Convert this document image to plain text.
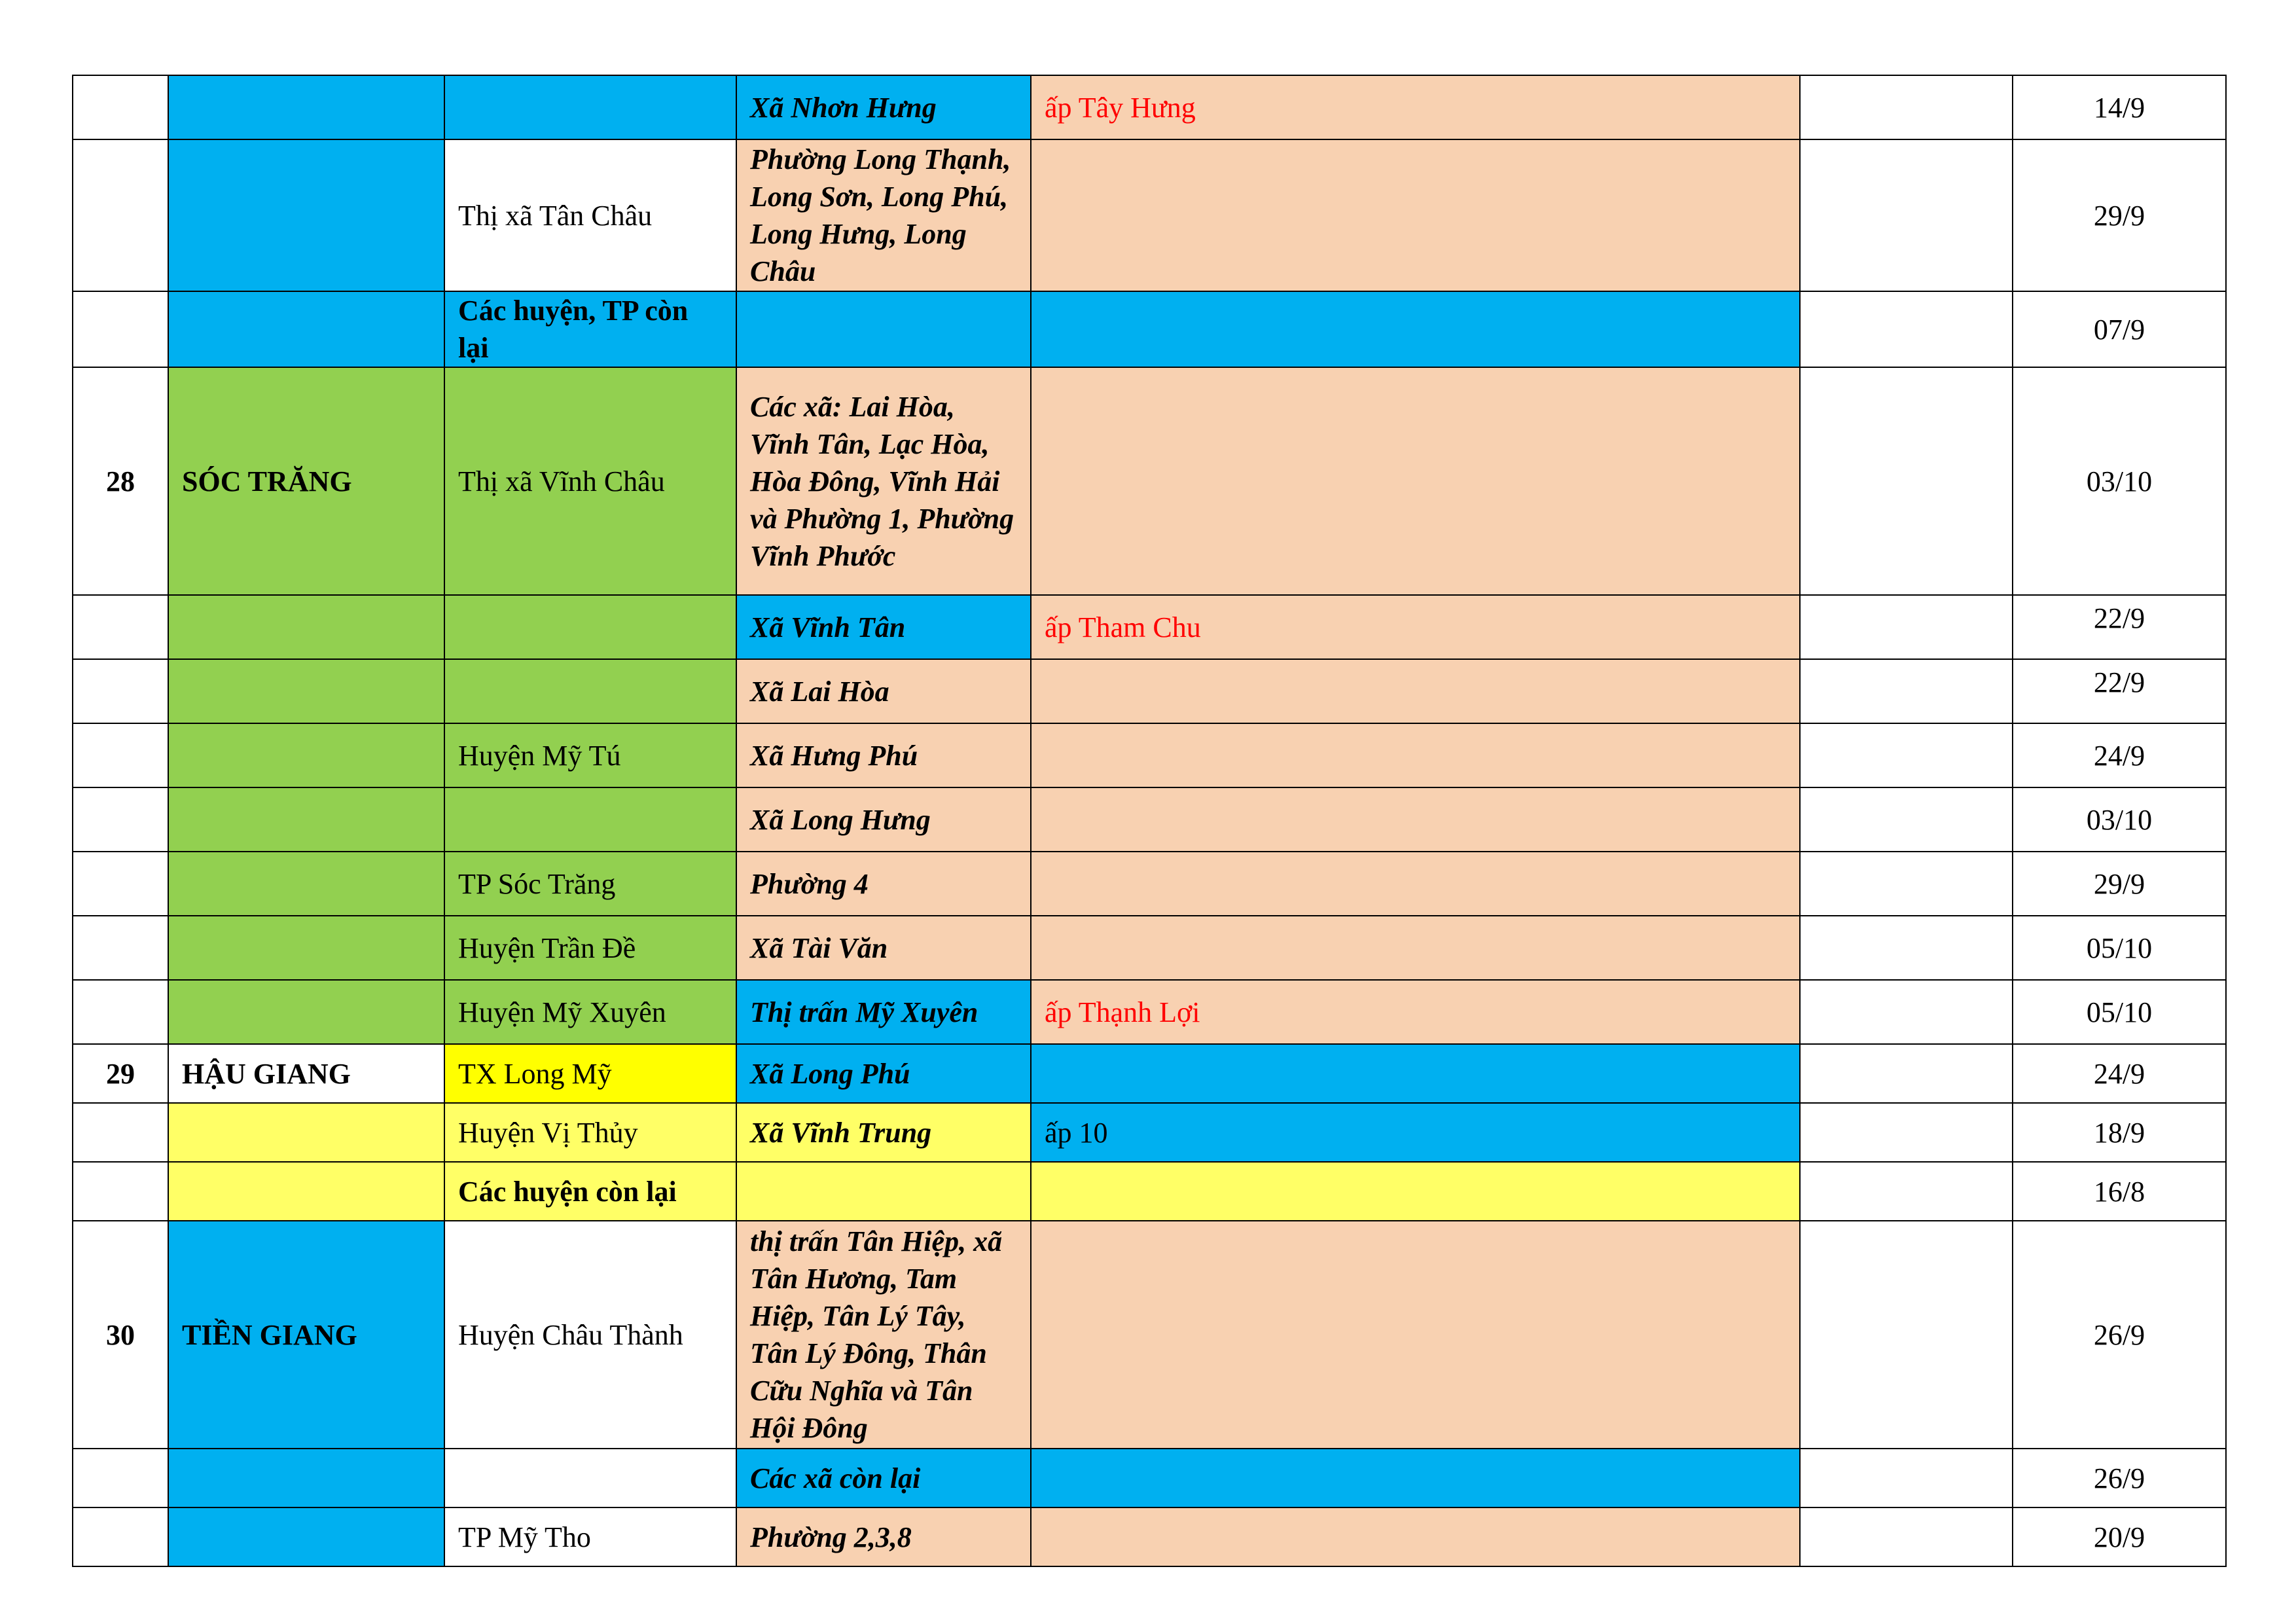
			Xã Nhơn Hưng	ấp Tây Hưng		14/9
		Thị xã Tân Châu	Phường Long Thạnh, Long Sơn, Long Phú, Long Hưng, Long Châu			29/9
		Các huyện, TP còn lại				07/9
28	SÓC TRĂNG	Thị xã Vĩnh Châu	Các xã: Lai Hòa, Vĩnh Tân, Lạc Hòa, Hòa Đông, Vĩnh Hải và Phường 1, Phường Vĩnh Phước			03/10
			Xã Vĩnh Tân	ấp Tham Chu		22/9
			Xã Lai Hòa			22/9
		Huyện Mỹ Tú	Xã Hưng Phú			24/9
			Xã Long Hưng			03/10
		TP Sóc Trăng	Phường 4			29/9
		Huyện Trần Đề	Xã Tài Văn			05/10
		Huyện Mỹ Xuyên	Thị trấn Mỹ Xuyên	ấp Thạnh Lợi		05/10
29	HẬU GIANG	TX Long Mỹ	Xã Long Phú			24/9
		Huyện Vị Thủy	Xã Vĩnh Trung	ấp 10		18/9
		Các huyện còn lại				16/8
30	TIỀN GIANG	Huyện Châu Thành	thị trấn Tân Hiệp, xã Tân Hương, Tam Hiệp, Tân Lý Tây, Tân Lý Đông, Thân Cữu Nghĩa và Tân Hội Đông			26/9
			Các xã còn lại			26/9
		TP Mỹ Tho	Phường 2,3,8			20/9
